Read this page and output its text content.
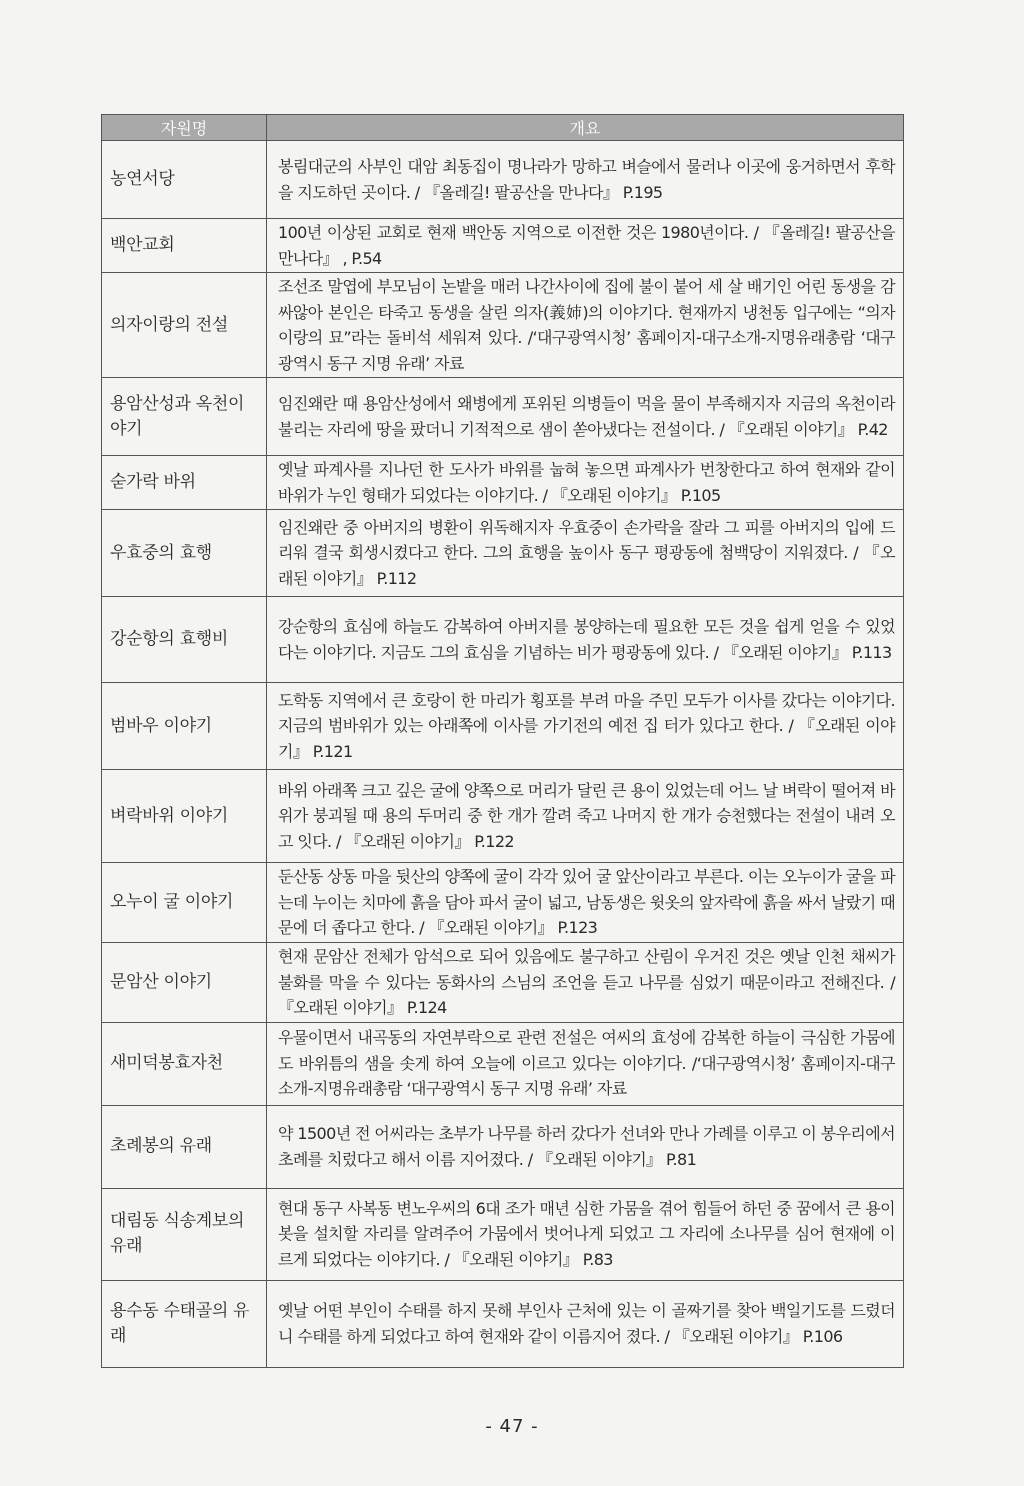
자원명	개요
농연서당	봉림대군의 사부인 대암 최동집이 명나라가 망하고 벼슬에서 물러나 이곳에 웅거하면서 후학을 지도하던 곳이다. / 『올레길! 팔공산을 만나다』 P.195
백안교회	100년 이상된 교회로 현재 백안동 지역으로 이전한 것은 1980년이다. / 『올레길! 팔공산을 만나다』 , P.54
의자이랑의 전설	조선조 말엽에 부모님이 논밭을 매러 나간사이에 집에 불이 붙어 세 살 배기인 어린 동생을 감싸않아 본인은 타죽고 동생을 살린 의자(義姉)의 이야기다. 현재까지 냉천동 입구에는 “의자이랑의 묘”라는 돌비석 세워져 있다. /‘대구광역시청’ 홈페이지-대구소개-지명유래총람 ‘대구광역시 동구 지명 유래’ 자료
용암산성과 옥천이야기	임진왜란 때 용암산성에서 왜병에게 포위된 의병들이 먹을 물이 부족해지자 지금의 옥천이라 불리는 자리에 땅을 팠더니 기적적으로 샘이 쏟아냈다는 전설이다. / 『오래된 이야기』 P.42
숟가락 바위	옛날 파계사를 지나던 한 도사가 바위를 눕혀 놓으면 파계사가 번창한다고 하여 현재와 같이 바위가 누인 형태가 되었다는 이야기다. / 『오래된 이야기』 P.105
우효중의 효행	임진왜란 중 아버지의 병환이 위독해지자 우효중이 손가락을 잘라 그 피를 아버지의 입에 드리워 결국 회생시켰다고 한다. 그의 효행을 높이사 동구 평광동에 첨백당이 지워졌다. / 『오래된 이야기』 P.112
강순항의 효행비	강순항의 효심에 하늘도 감복하여 아버지를 봉양하는데 필요한 모든 것을 쉽게 얻을 수 있었다는 이야기다. 지금도 그의 효심을 기념하는 비가 평광동에 있다. / 『오래된 이야기』 P.113
범바우 이야기	도학동 지역에서 큰 호랑이 한 마리가 횡포를 부려 마을 주민 모두가 이사를 갔다는 이야기다. 지금의 범바위가 있는 아래쪽에 이사를 가기전의 예전 집 터가 있다고 한다. / 『오래된 이야기』 P.121
벼락바위 이야기	바위 아래쪽 크고 깊은 굴에 양쪽으로 머리가 달린 큰 용이 있었는데 어느 날 벼락이 떨어져 바위가 붕괴될 때 용의 두머리 중 한 개가 깔려 죽고 나머지 한 개가 승천했다는 전설이 내려 오고 잇다. / 『오래된 이야기』 P.122
오누이 굴 이야기	둔산동 상동 마을 뒷산의 양쪽에 굴이 각각 있어 굴 앞산이라고 부른다. 이는 오누이가 굴을 파는데 누이는 치마에 흙을 담아 파서 굴이 넓고, 남동생은 윗옷의 앞자락에 흙을 싸서 날랐기 때문에 더 좁다고 한다. / 『오래된 이야기』 P.123
문암산 이야기	현재 문암산 전체가 암석으로 되어 있음에도 불구하고 산림이 우거진 것은 옛날 인천 채씨가 불화를 막을 수 있다는 동화사의 스님의 조언을 듣고 나무를 심었기 때문이라고 전해진다. / 『오래된 이야기』 P.124
새미덕봉효자천	우물이면서 내곡동의 자연부락으로 관련 전설은 여씨의 효성에 감복한 하늘이 극심한 가뭄에도 바위틈의 샘을 솟게 하여 오늘에 이르고 있다는 이야기다. /‘대구광역시청’ 홈페이지-대구소개-지명유래총람 ‘대구광역시 동구 지명 유래’ 자료
초례봉의 유래	약 1500년 전 어씨라는 초부가 나무를 하러 갔다가 선녀와 만나 가례를 이루고 이 봉우리에서 초례를 치렀다고 해서 이름 지어졌다. / 『오래된 이야기』 P.81
대림동 식송계보의 유래	현대 동구 사복동 변노우씨의 6대 조가 매년 심한 가뭄을 겪어 힘들어 하던 중 꿈에서 큰 용이 봇을 설치할 자리를 알려주어 가뭄에서 벗어나게 되었고 그 자리에 소나무를 심어 현재에 이르게 되었다는 이야기다. / 『오래된 이야기』 P.83
용수동 수태골의 유래	옛날 어떤 부인이 수태를 하지 못해 부인사 근처에 있는 이 골짜기를 찾아 백일기도를 드렸더니 수태를 하게 되었다고 하여 현재와 같이 이름지어 졌다. / 『오래된 이야기』 P.106
- 47 -
